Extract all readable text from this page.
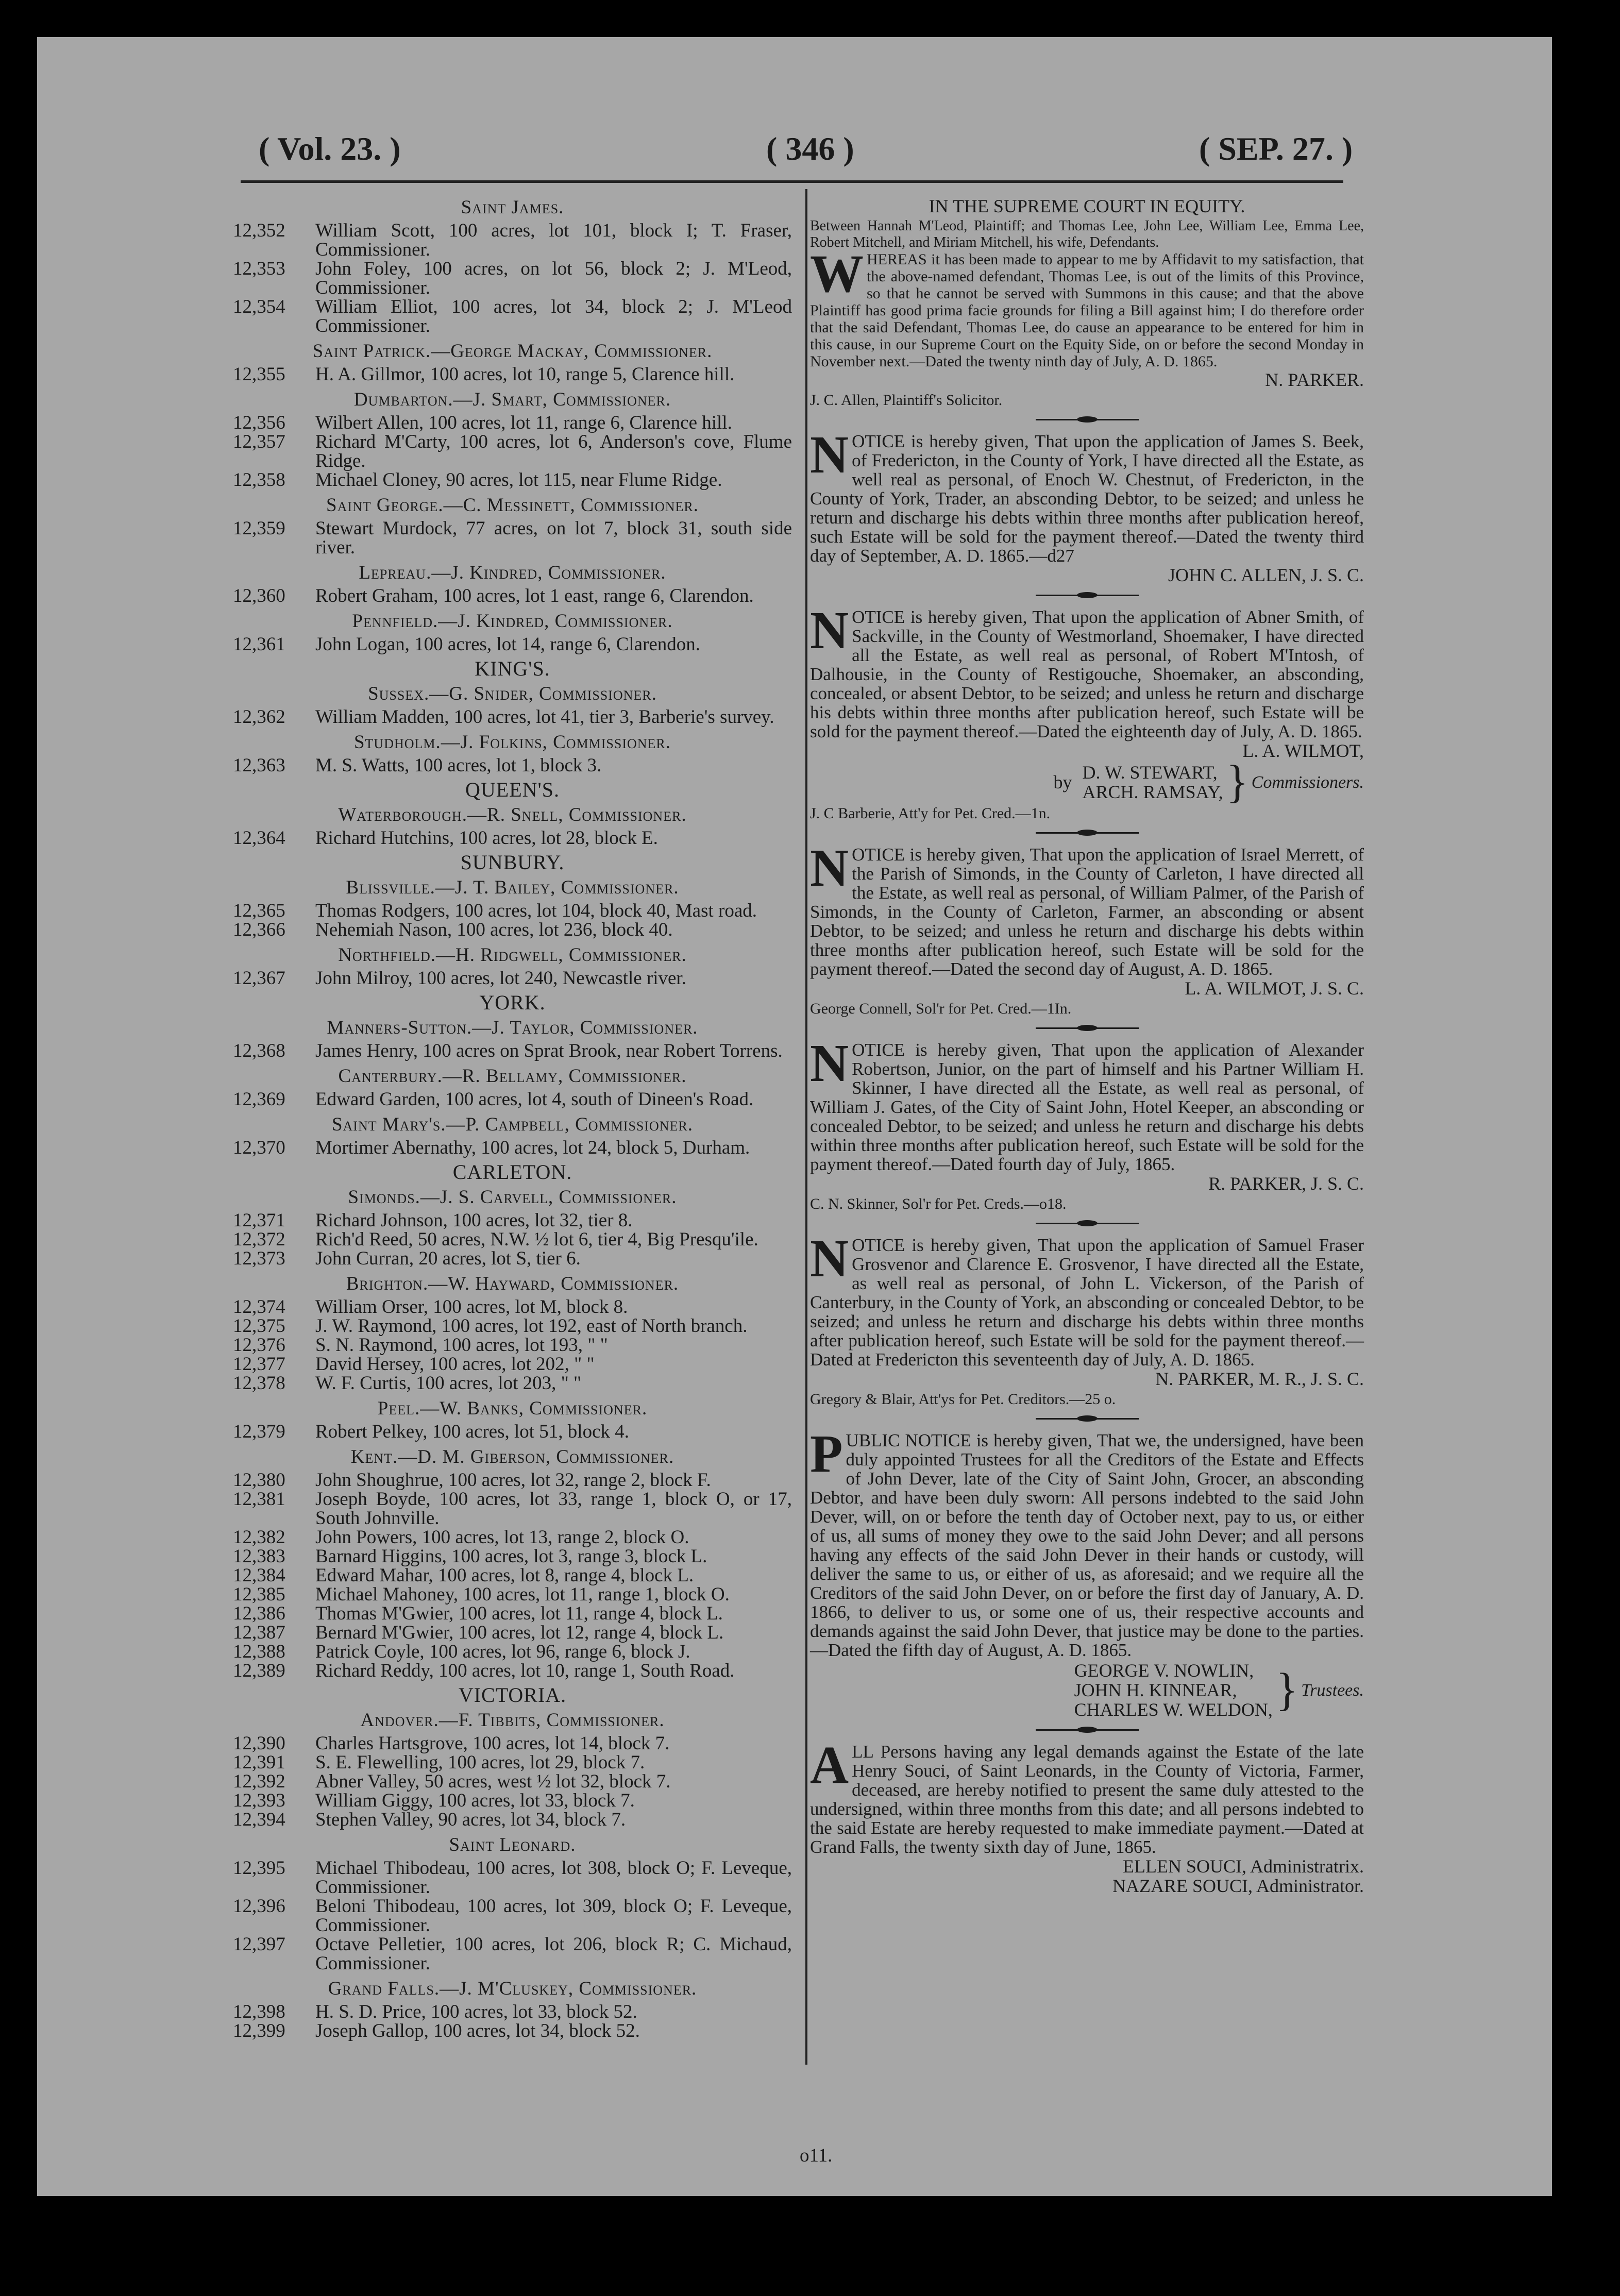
( Vol. 23. )	( 346 )	( SEP. 27. )
Saint James.
12,352	William Scott, 100 acres, lot 101, block I; T. Fraser, Commissioner.
12,353	John Foley, 100 acres, on lot 56, block 2; J. M'Leod, Commissioner.
12,354	William Elliot, 100 acres, lot 34, block 2; J. M'Leod Commissioner.
Saint Patrick.—George Mackay, Commissioner.
12,355	H. A. Gillmor, 100 acres, lot 10, range 5, Clarence hill.
Dumbarton.—J. Smart, Commissioner.
12,356	Wilbert Allen, 100 acres, lot 11, range 6, Clarence hill.
12,357	Richard M'Carty, 100 acres, lot 6, Anderson's cove, Flume Ridge.
12,358	Michael Cloney, 90 acres, lot 115, near Flume Ridge.
Saint George.—C. Messinett, Commissioner.
12,359	Stewart Murdock, 77 acres, on lot 7, block 31, south side river.
Lepreau.—J. Kindred, Commissioner.
12,360	Robert Graham, 100 acres, lot 1 east, range 6, Clarendon.
Pennfield.—J. Kindred, Commissioner.
12,361	John Logan, 100 acres, lot 14, range 6, Clarendon.
KING'S.
Sussex.—G. Snider, Commissioner.
12,362	William Madden, 100 acres, lot 41, tier 3, Barberie's survey.
Studholm.—J. Folkins, Commissioner.
12,363	M. S. Watts, 100 acres, lot 1, block 3.
QUEEN'S.
Waterborough.—R. Snell, Commissioner.
12,364	Richard Hutchins, 100 acres, lot 28, block E.
SUNBURY.
Blissville.—J. T. Bailey, Commissioner.
12,365	Thomas Rodgers, 100 acres, lot 104, block 40, Mast road.
12,366	Nehemiah Nason, 100 acres, lot 236, block 40.
Northfield.—H. Ridgwell, Commissioner.
12,367	John Milroy, 100 acres, lot 240, Newcastle river.
YORK.
Manners-Sutton.—J. Taylor, Commissioner.
12,368	James Henry, 100 acres on Sprat Brook, near Robert Torrens.
Canterbury.—R. Bellamy, Commissioner.
12,369	Edward Garden, 100 acres, lot 4, south of Dineen's Road.
Saint Mary's.—P. Campbell, Commissioner.
12,370	Mortimer Abernathy, 100 acres, lot 24, block 5, Durham.
CARLETON.
Simonds.—J. S. Carvell, Commissioner.
12,371	Richard Johnson, 100 acres, lot 32, tier 8.
12,372	Rich'd Reed, 50 acres, N.W. ½ lot 6, tier 4, Big Presqu'ile.
12,373	John Curran, 20 acres, lot S, tier 6.
Brighton.—W. Hayward, Commissioner.
12,374	William Orser, 100 acres, lot M, block 8.
12,375	J. W. Raymond, 100 acres, lot 192, east of North branch.
12,376	S. N. Raymond, 100 acres, lot 193, " "
12,377	David Hersey, 100 acres, lot 202, " "
12,378	W. F. Curtis, 100 acres, lot 203, " "
Peel.—W. Banks, Commissioner.
12,379	Robert Pelkey, 100 acres, lot 51, block 4.
Kent.—D. M. Giberson, Commissioner.
12,380	John Shoughrue, 100 acres, lot 32, range 2, block F.
12,381	Joseph Boyde, 100 acres, lot 33, range 1, block O, or 17, South Johnville.
12,382	John Powers, 100 acres, lot 13, range 2, block O.
12,383	Barnard Higgins, 100 acres, lot 3, range 3, block L.
12,384	Edward Mahar, 100 acres, lot 8, range 4, block L.
12,385	Michael Mahoney, 100 acres, lot 11, range 1, block O.
12,386	Thomas M'Gwier, 100 acres, lot 11, range 4, block L.
12,387	Bernard M'Gwier, 100 acres, lot 12, range 4, block L.
12,388	Patrick Coyle, 100 acres, lot 96, range 6, block J.
12,389	Richard Reddy, 100 acres, lot 10, range 1, South Road.
VICTORIA.
Andover.—F. Tibbits, Commissioner.
12,390	Charles Hartsgrove, 100 acres, lot 14, block 7.
12,391	S. E. Flewelling, 100 acres, lot 29, block 7.
12,392	Abner Valley, 50 acres, west ½ lot 32, block 7.
12,393	William Giggy, 100 acres, lot 33, block 7.
12,394	Stephen Valley, 90 acres, lot 34, block 7.
Saint Leonard.
12,395	Michael Thibodeau, 100 acres, lot 308, block O; F. Leveque, Commissioner.
12,396	Beloni Thibodeau, 100 acres, lot 309, block O; F. Leveque, Commissioner.
12,397	Octave Pelletier, 100 acres, lot 206, block R; C. Michaud, Commissioner.
Grand Falls.—J. M'Cluskey, Commissioner.
12,398	H. S. D. Price, 100 acres, lot 33, block 52.
12,399	Joseph Gallop, 100 acres, lot 34, block 52.
IN THE SUPREME COURT IN EQUITY.
Between Hannah M'Leod, Plaintiff; and Thomas Lee, John Lee, William Lee, Emma Lee, Robert Mitchell, and Miriam Mitchell, his wife, Defendants.
WHEREAS it has been made to appear to me by Affidavit to my satisfaction, that the above-named defendant, Thomas Lee, is out of the limits of this Province, so that he cannot be served with Summons in this cause; and that the above Plaintiff has good prima facie grounds for filing a Bill against him; I do therefore order that the said Defendant, Thomas Lee, do cause an appearance to be entered for him in this cause, in our Supreme Court on the Equity Side, on or before the second Monday in November next.—Dated the twenty ninth day of July, A. D. 1865.
N. PARKER.
J. C. Allen, Plaintiff's Solicitor.
NOTICE is hereby given, That upon the application of James S. Beek, of Fredericton, in the County of York, I have directed all the Estate, as well real as personal, of Enoch W. Chestnut, of Fredericton, in the County of York, Trader, an absconding Debtor, to be seized; and unless he return and discharge his debts within three months after publication hereof, such Estate will be sold for the payment thereof.—Dated the twenty third day of September, A. D. 1865.—d27
JOHN C. ALLEN, J. S. C.
NOTICE is hereby given, That upon the application of Abner Smith, of Sackville, in the County of Westmorland, Shoemaker, I have directed all the Estate, as well real as personal, of Robert M'Intosh, of Dalhousie, in the County of Restigouche, Shoemaker, an absconding, concealed, or absent Debtor, to be seized; and unless he return and discharge his debts within three months after publication hereof, such Estate will be sold for the payment thereof.—Dated the eighteenth day of July, A. D. 1865.
L. A. WILMOT,
by D. W. STEWART,
ARCH. RAMSAY, } Commissioners.
J. C Barberie, Att'y for Pet. Cred.—1n.
NOTICE is hereby given, That upon the application of Israel Merrett, of the Parish of Simonds, in the County of Carleton, I have directed all the Estate, as well real as personal, of William Palmer, of the Parish of Simonds, in the County of Carleton, Farmer, an absconding or absent Debtor, to be seized; and unless he return and discharge his debts within three months after publication hereof, such Estate will be sold for the payment thereof.—Dated the second day of August, A. D. 1865.
L. A. WILMOT, J. S. C.
George Connell, Sol'r for Pet. Cred.—1In.
NOTICE is hereby given, That upon the application of Alexander Robertson, Junior, on the part of himself and his Partner William H. Skinner, I have directed all the Estate, as well real as personal, of William J. Gates, of the City of Saint John, Hotel Keeper, an absconding or concealed Debtor, to be seized; and unless he return and discharge his debts within three months after publication hereof, such Estate will be sold for the payment thereof.—Dated fourth day of July, 1865.
R. PARKER, J. S. C.
C. N. Skinner, Sol'r for Pet. Creds.—o18.
NOTICE is hereby given, That upon the application of Samuel Fraser Grosvenor and Clarence E. Grosvenor, I have directed all the Estate, as well real as personal, of John L. Vickerson, of the Parish of Canterbury, in the County of York, an absconding or concealed Debtor, to be seized; and unless he return and discharge his debts within three months after publication hereof, such Estate will be sold for the payment thereof.—Dated at Fredericton this seventeenth day of July, A. D. 1865.
N. PARKER, M. R., J. S. C.
Gregory & Blair, Att'ys for Pet. Creditors.—25 o.
PUBLIC NOTICE is hereby given, That we, the undersigned, have been duly appointed Trustees for all the Creditors of the Estate and Effects of John Dever, late of the City of Saint John, Grocer, an absconding Debtor, and have been duly sworn: All persons indebted to the said John Dever, will, on or before the tenth day of October next, pay to us, or either of us, all sums of money they owe to the said John Dever; and all persons having any effects of the said John Dever in their hands or custody, will deliver the same to us, or either of us, as aforesaid; and we require all the Creditors of the said John Dever, on or before the first day of January, A. D. 1866, to deliver to us, or some one of us, their respective accounts and demands against the said John Dever, that justice may be done to the parties.—Dated the fifth day of August, A. D. 1865.
GEORGE V. NOWLIN,
JOHN H. KINNEAR,
CHARLES W. WELDON, } Trustees.
ALL Persons having any legal demands against the Estate of the late Henry Souci, of Saint Leonards, in the County of Victoria, Farmer, deceased, are hereby notified to present the same duly attested to the undersigned, within three months from this date; and all persons indebted to the said Estate are hereby requested to make immediate payment.—Dated at Grand Falls, the twenty sixth day of June, 1865.
ELLEN SOUCI, Administratrix.
NAZARE SOUCI, Administrator.
o11.
